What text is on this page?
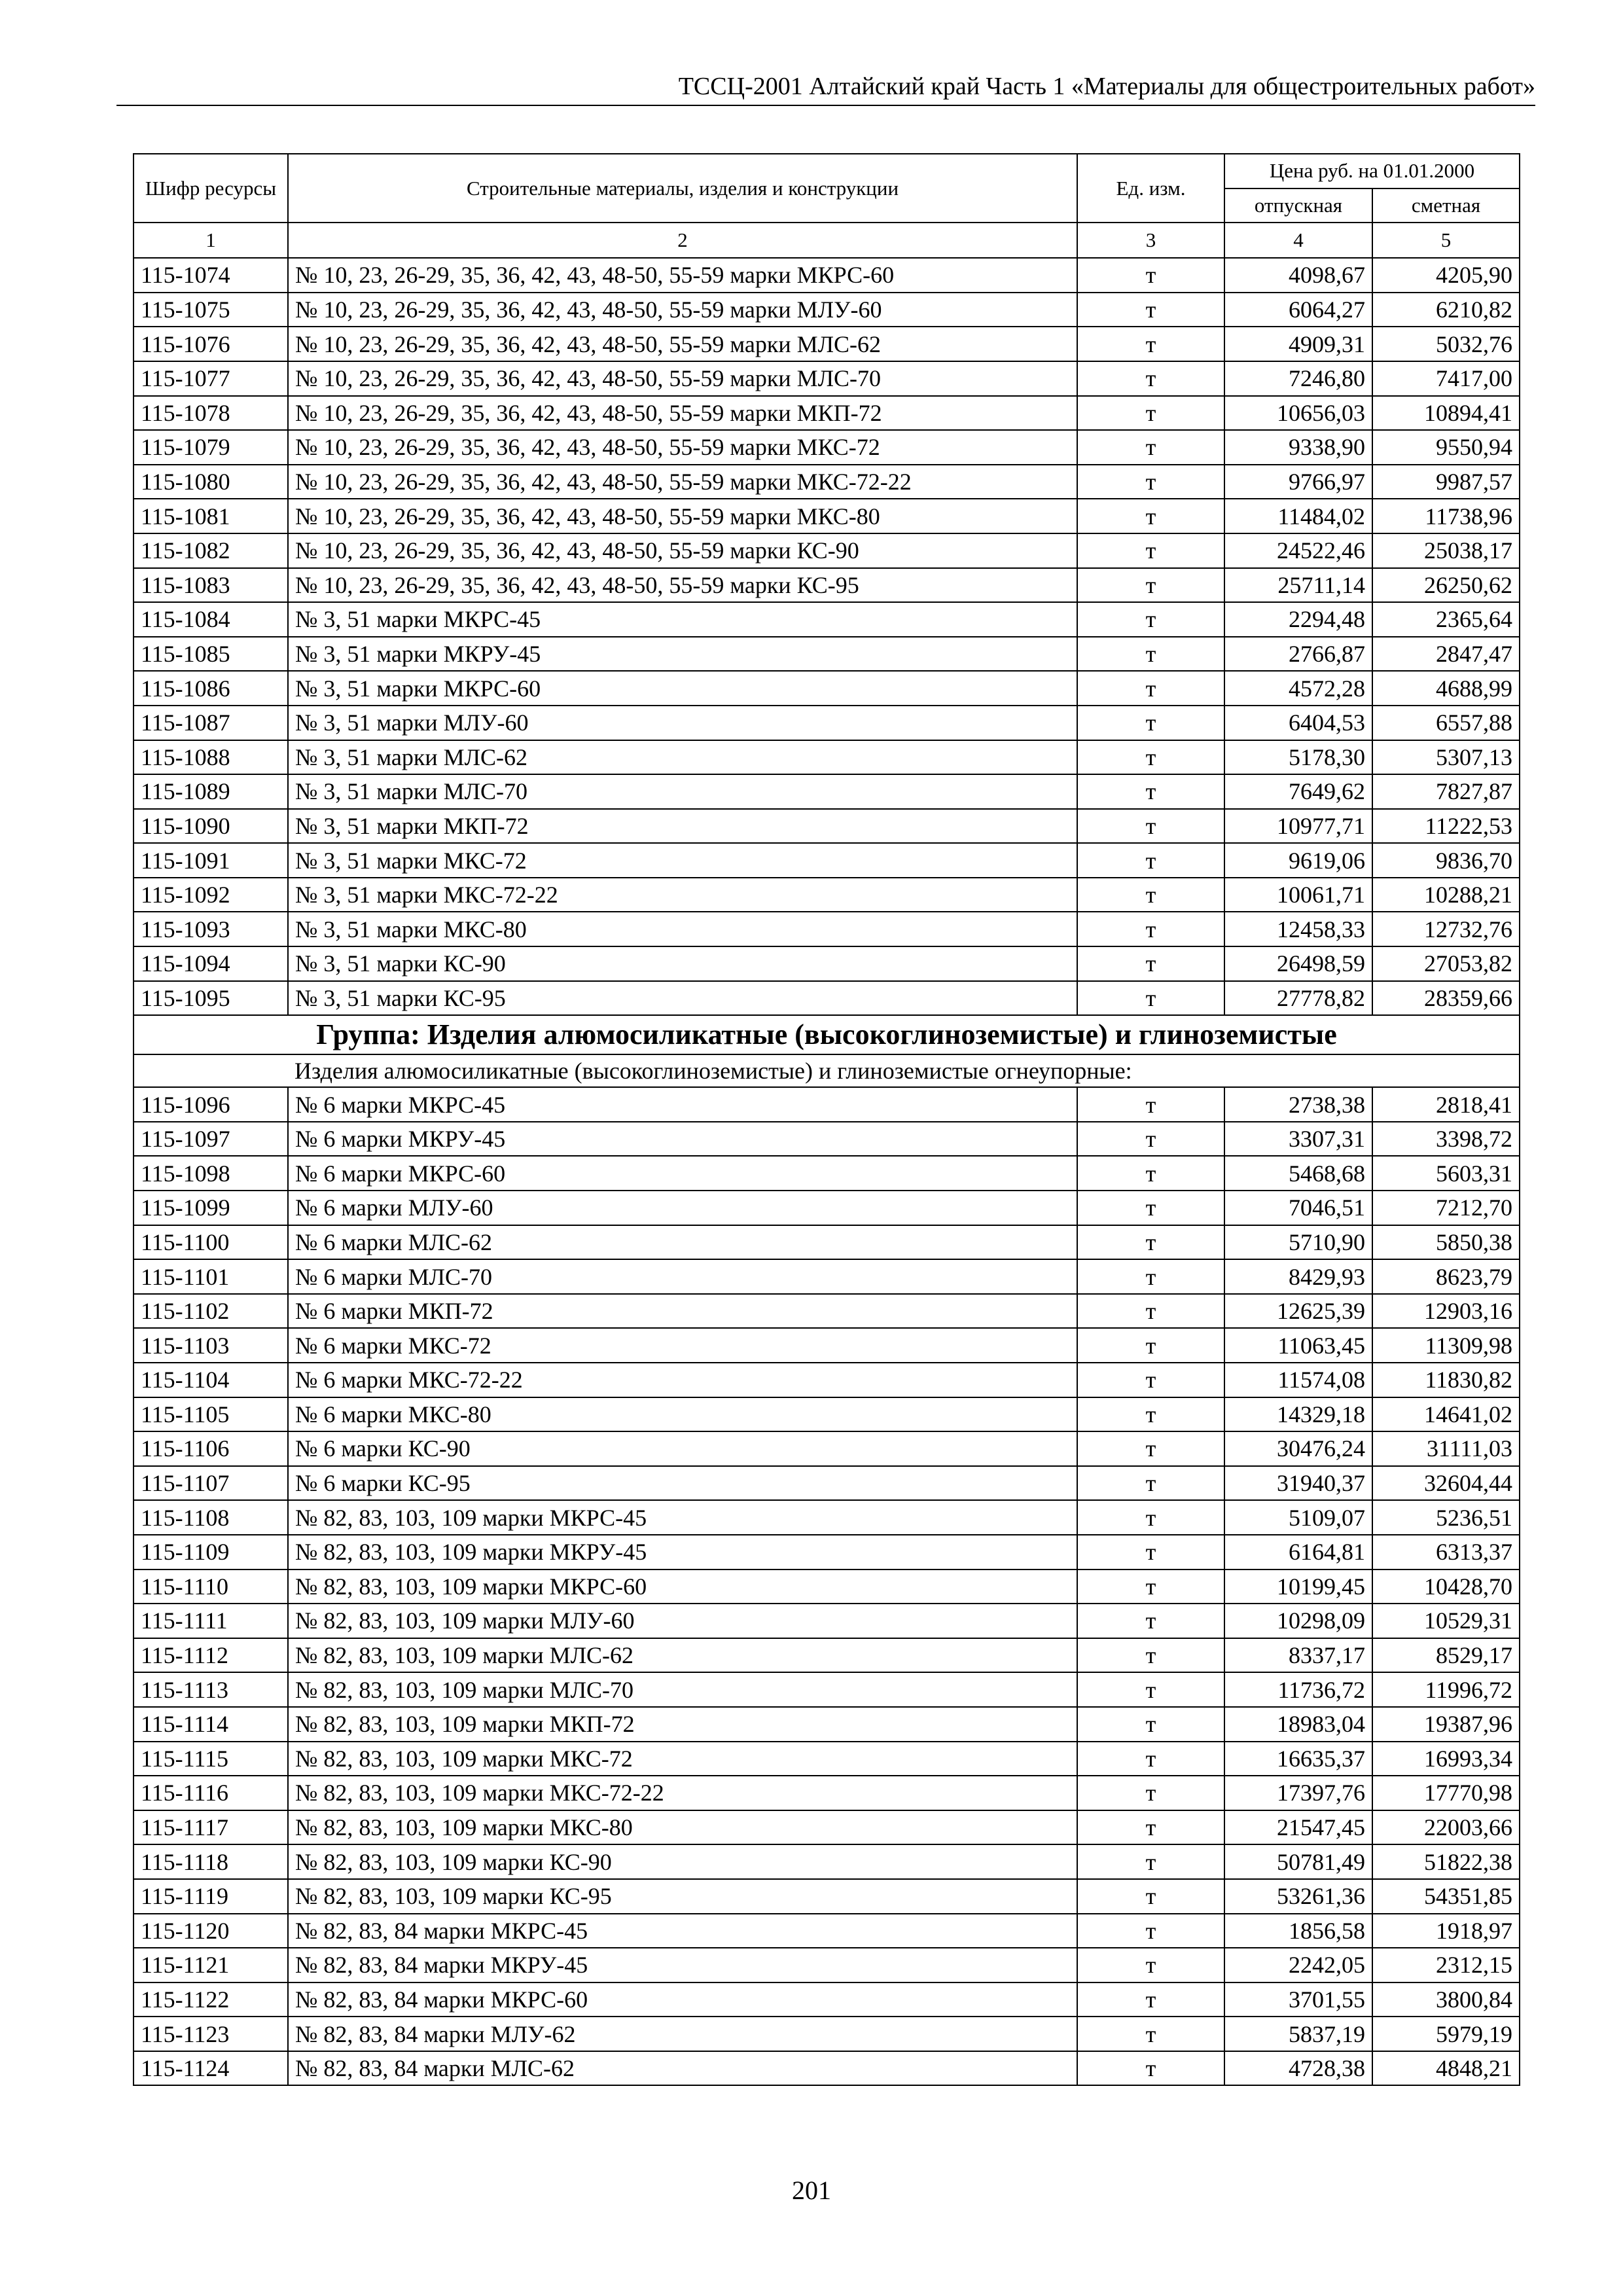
ТССЦ-2001 Алтайский край Часть 1 «Материалы для общестроительных работ»
Шифр ресурсы	Строительные материалы, изделия и конструкции	Ед. изм.	Цена руб. на 01.01.2000	
			отпускная	сметная
1	2	3	4	5
115-1074	№ 10, 23, 26-29, 35, 36, 42, 43, 48-50, 55-59 марки МКРС-60	т	4098,67	4205,90
115-1075	№ 10, 23, 26-29, 35, 36, 42, 43, 48-50, 55-59 марки МЛУ-60	т	6064,27	6210,82
115-1076	№ 10, 23, 26-29, 35, 36, 42, 43, 48-50, 55-59 марки МЛС-62	т	4909,31	5032,76
115-1077	№ 10, 23, 26-29, 35, 36, 42, 43, 48-50, 55-59 марки МЛС-70	т	7246,80	7417,00
115-1078	№ 10, 23, 26-29, 35, 36, 42, 43, 48-50, 55-59 марки МКП-72	т	10656,03	10894,41
115-1079	№ 10, 23, 26-29, 35, 36, 42, 43, 48-50, 55-59 марки МКС-72	т	9338,90	9550,94
115-1080	№ 10, 23, 26-29, 35, 36, 42, 43, 48-50, 55-59 марки МКС-72-22	т	9766,97	9987,57
115-1081	№ 10, 23, 26-29, 35, 36, 42, 43, 48-50, 55-59 марки МКС-80	т	11484,02	11738,96
115-1082	№ 10, 23, 26-29, 35, 36, 42, 43, 48-50, 55-59 марки КС-90	т	24522,46	25038,17
115-1083	№ 10, 23, 26-29, 35, 36, 42, 43, 48-50, 55-59 марки КС-95	т	25711,14	26250,62
115-1084	№ 3, 51 марки МКРС-45	т	2294,48	2365,64
115-1085	№ 3, 51 марки МКРУ-45	т	2766,87	2847,47
115-1086	№ 3, 51 марки МКРС-60	т	4572,28	4688,99
115-1087	№ 3, 51 марки МЛУ-60	т	6404,53	6557,88
115-1088	№ 3, 51 марки МЛС-62	т	5178,30	5307,13
115-1089	№ 3, 51 марки МЛС-70	т	7649,62	7827,87
115-1090	№ 3, 51 марки МКП-72	т	10977,71	11222,53
115-1091	№ 3, 51 марки МКС-72	т	9619,06	9836,70
115-1092	№ 3, 51 марки МКС-72-22	т	10061,71	10288,21
115-1093	№ 3, 51 марки МКС-80	т	12458,33	12732,76
115-1094	№ 3, 51 марки КС-90	т	26498,59	27053,82
115-1095	№ 3, 51 марки КС-95	т	27778,82	28359,66
Группа: Изделия алюмосиликатные (высокоглиноземистые) и глиноземистые				
Изделия алюмосиликатные (высокоглиноземистые) и глиноземистые огнеупорные:				
115-1096	№ 6 марки МКРС-45	т	2738,38	2818,41
115-1097	№ 6 марки МКРУ-45	т	3307,31	3398,72
115-1098	№ 6 марки МКРС-60	т	5468,68	5603,31
115-1099	№ 6 марки МЛУ-60	т	7046,51	7212,70
115-1100	№ 6 марки МЛС-62	т	5710,90	5850,38
115-1101	№ 6 марки МЛС-70	т	8429,93	8623,79
115-1102	№ 6 марки МКП-72	т	12625,39	12903,16
115-1103	№ 6 марки МКС-72	т	11063,45	11309,98
115-1104	№ 6 марки МКС-72-22	т	11574,08	11830,82
115-1105	№ 6 марки МКС-80	т	14329,18	14641,02
115-1106	№ 6 марки КС-90	т	30476,24	31111,03
115-1107	№ 6 марки КС-95	т	31940,37	32604,44
115-1108	№ 82, 83, 103, 109 марки МКРС-45	т	5109,07	5236,51
115-1109	№ 82, 83, 103, 109 марки МКРУ-45	т	6164,81	6313,37
115-1110	№ 82, 83, 103, 109 марки МКРС-60	т	10199,45	10428,70
115-1111	№ 82, 83, 103, 109 марки МЛУ-60	т	10298,09	10529,31
115-1112	№ 82, 83, 103, 109 марки МЛС-62	т	8337,17	8529,17
115-1113	№ 82, 83, 103, 109 марки МЛС-70	т	11736,72	11996,72
115-1114	№ 82, 83, 103, 109 марки МКП-72	т	18983,04	19387,96
115-1115	№ 82, 83, 103, 109 марки МКС-72	т	16635,37	16993,34
115-1116	№ 82, 83, 103, 109 марки МКС-72-22	т	17397,76	17770,98
115-1117	№ 82, 83, 103, 109 марки МКС-80	т	21547,45	22003,66
115-1118	№ 82, 83, 103, 109 марки КС-90	т	50781,49	51822,38
115-1119	№ 82, 83, 103, 109 марки КС-95	т	53261,36	54351,85
115-1120	№ 82, 83, 84 марки МКРС-45	т	1856,58	1918,97
115-1121	№ 82, 83, 84 марки МКРУ-45	т	2242,05	2312,15
115-1122	№ 82, 83, 84 марки МКРС-60	т	3701,55	3800,84
115-1123	№ 82, 83, 84 марки МЛУ-62	т	5837,19	5979,19
115-1124	№ 82, 83, 84 марки МЛС-62	т	4728,38	4848,21
201
